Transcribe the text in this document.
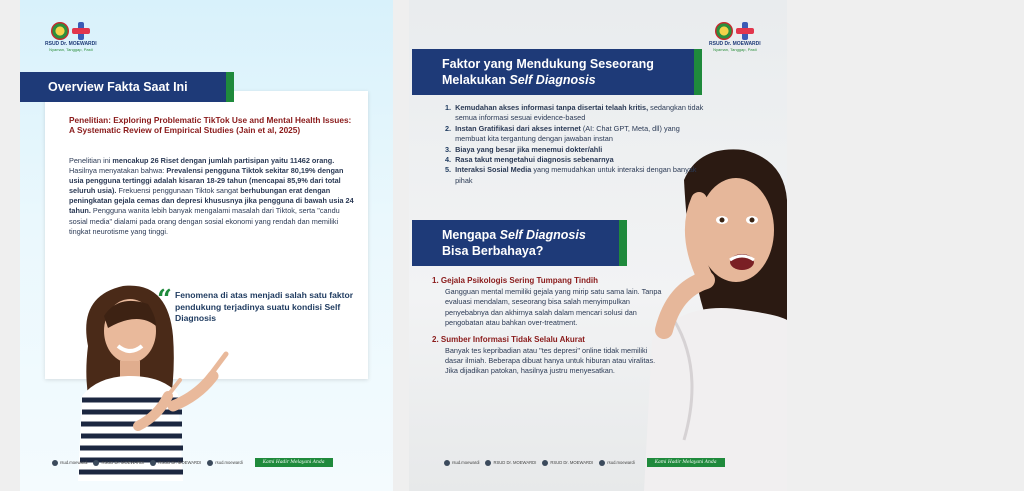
RSUD Dr. MOEWARDI
Nyaman, Tanggap, Pasti
Overview Fakta Saat Ini
Penelitian: Exploring Problematic TikTok Use and Mental Health Issues: A Systematic Review of Empirical Studies (Jain et al, 2025)
Penelitian ini mencakup 26 Riset dengan jumlah partisipan yaitu 11462 orang. Hasilnya menyatakan bahwa: Prevalensi pengguna Tiktok sekitar 80,19% dengan usia pengguna tertinggi adalah kisaran 18-29 tahun (mencapai 85,9% dari total seluruh usia). Frekuensi penggunaan Tiktok sangat berhubungan erat dengan peningkatan gejala cemas dan depresi khususnya jika pengguna di bawah usia 24 tahun. Pengguna wanita lebih banyak mengalami masalah dari Tiktok, serta "candu sosial media" dialami pada orang dengan sosial ekonomi yang rendah dan memiliki tingkat neurotisme yang tinggi.
“ Fenomena di atas menjadi salah satu faktor pendukung terjadinya suatu kondisi Self Diagnosis
rsud.moewardi	RSUD Dr. MOEWARDI	RSUD Dr. MOEWARDI	rsud.moewardi	Kami Hadir Melayani Anda
RSUD Dr. MOEWARDI
Nyaman, Tanggap, Pasti
Faktor yang Mendukung Seseorang
Melakukan Self Diagnosis
1. Kemudahan akses informasi tanpa disertai telaah kritis, sedangkan tidak semua informasi sesuai evidence-based
2. Instan Gratifikasi dari akses internet (AI: Chat GPT, Meta, dll) yang membuat kita tergantung dengan jawaban instan
3. Biaya yang besar jika menemui dokter/ahli
4. Rasa takut mengetahui diagnosis sebenarnya
5. Interaksi Sosial Media yang memudahkan untuk interaksi dengan banyak pihak
Mengapa Self Diagnosis
Bisa Berbahaya?
1. Gejala Psikologis Sering Tumpang Tindih
Gangguan mental memiliki gejala yang mirip satu sama lain. Tanpa evaluasi mendalam, seseorang bisa salah menyimpulkan penyebabnya dan akhirnya salah dalam mencari solusi dan pengobatan atau bahkan over-treatment.
2. Sumber Informasi Tidak Selalu Akurat
Banyak tes kepribadian atau "tes depresi" online tidak memiliki dasar ilmiah. Beberapa dibuat hanya untuk hiburan atau viralitas. Jika dijadikan patokan, hasilnya justru menyesatkan.
rsud.moewardi	RSUD Dr. MOEWARDI	RSUD Dr. MOEWARDI	rsud.moewardi	Kami Hadir Melayani Anda
